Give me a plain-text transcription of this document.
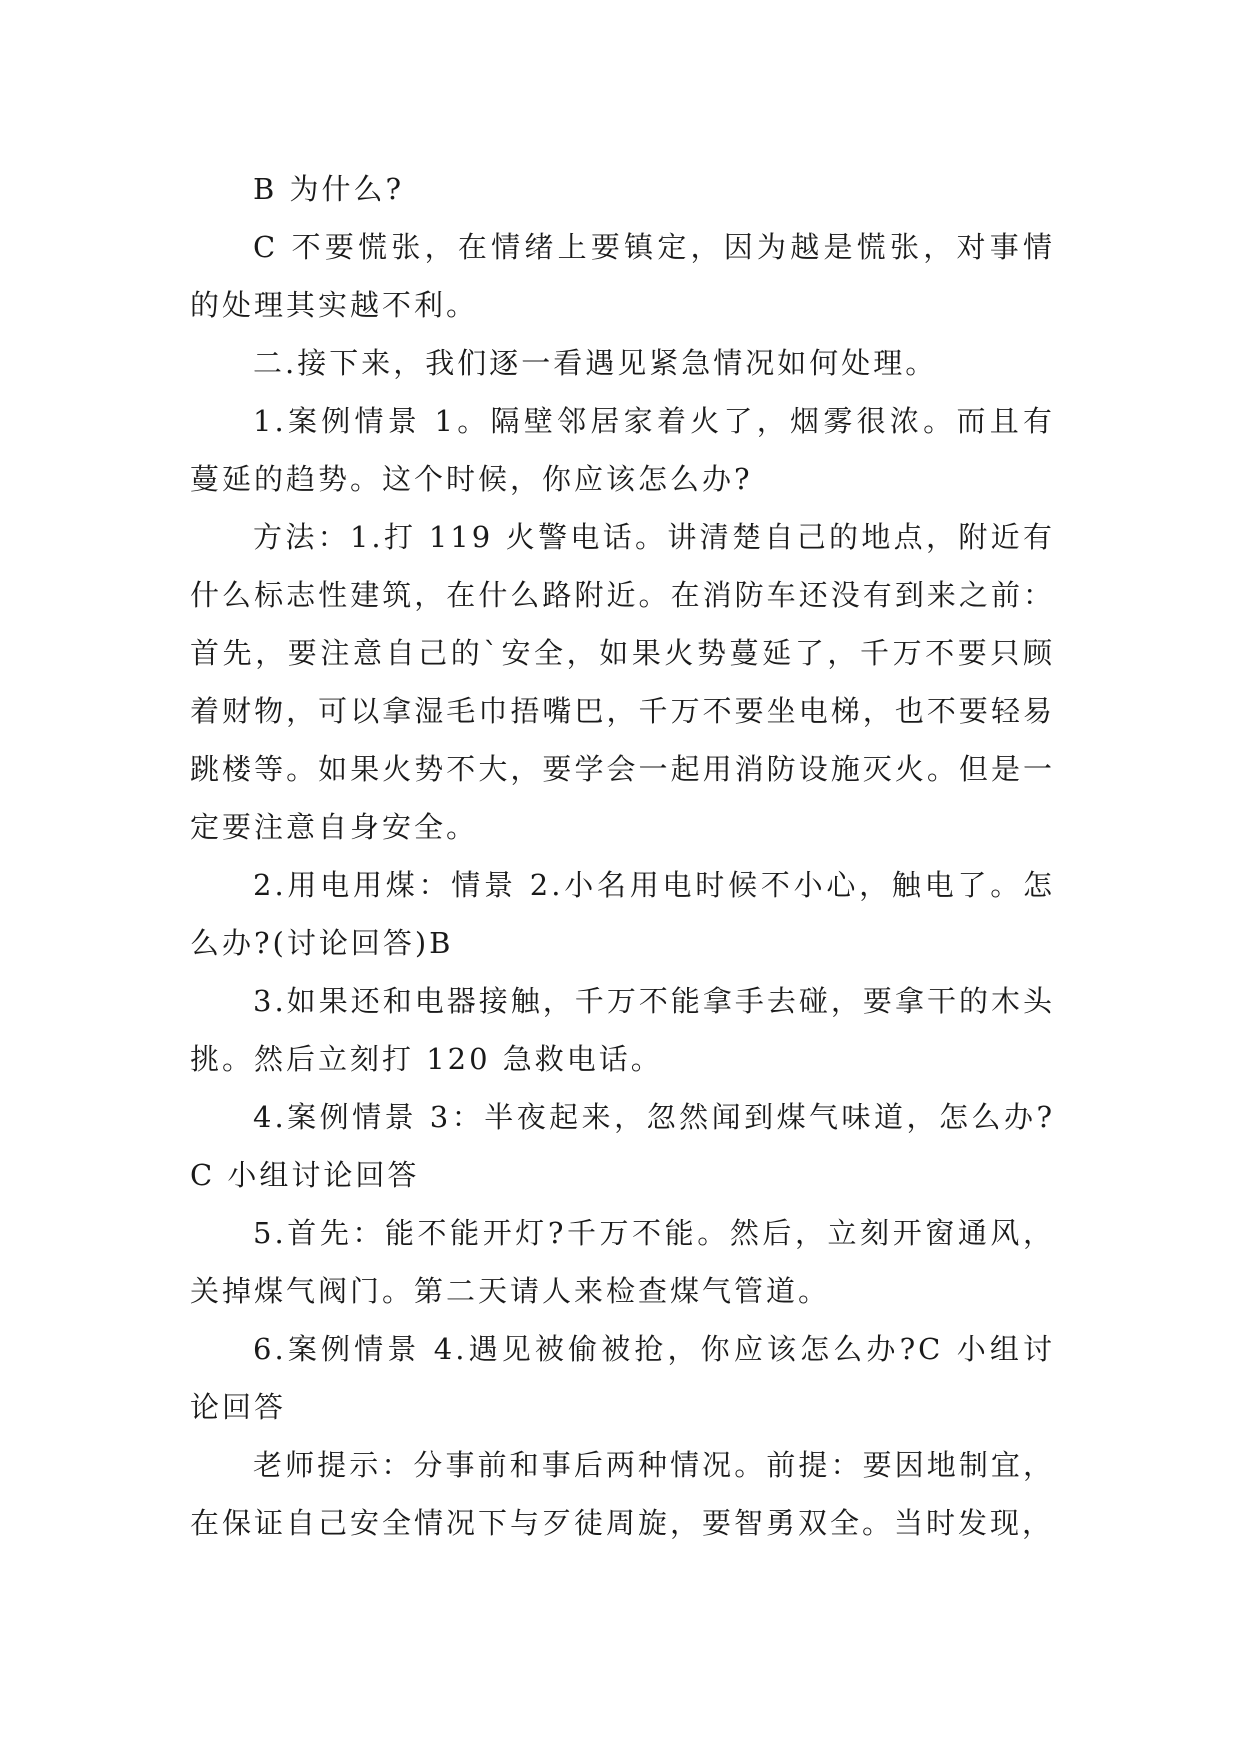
B 为什么?

C 不要慌张，在情绪上要镇定，因为越是慌张，对事情的处理其实越不利。

二.接下来，我们逐一看遇见紧急情况如何处理。

1.案例情景 1。隔壁邻居家着火了，烟雾很浓。而且有蔓延的趋势。这个时候，你应该怎么办?

方法：1.打 119 火警电话。讲清楚自己的地点，附近有什么标志性建筑，在什么路附近。在消防车还没有到来之前：首先，要注意自己的`安全，如果火势蔓延了，千万不要只顾着财物，可以拿湿毛巾捂嘴巴，千万不要坐电梯，也不要轻易跳楼等。如果火势不大，要学会一起用消防设施灭火。但是一定要注意自身安全。

2.用电用煤：情景 2.小名用电时候不小心，触电了。怎么办?(讨论回答)B

3.如果还和电器接触，千万不能拿手去碰，要拿干的木头挑。然后立刻打 120 急救电话。

4.案例情景 3：半夜起来，忽然闻到煤气味道，怎么办?C 小组讨论回答

5.首先：能不能开灯?千万不能。然后，立刻开窗通风，关掉煤气阀门。第二天请人来检查煤气管道。

6.案例情景 4.遇见被偷被抢，你应该怎么办?C 小组讨论回答

老师提示：分事前和事后两种情况。前提：要因地制宜，在保证自己安全情况下与歹徒周旋，要智勇双全。当时发现，
